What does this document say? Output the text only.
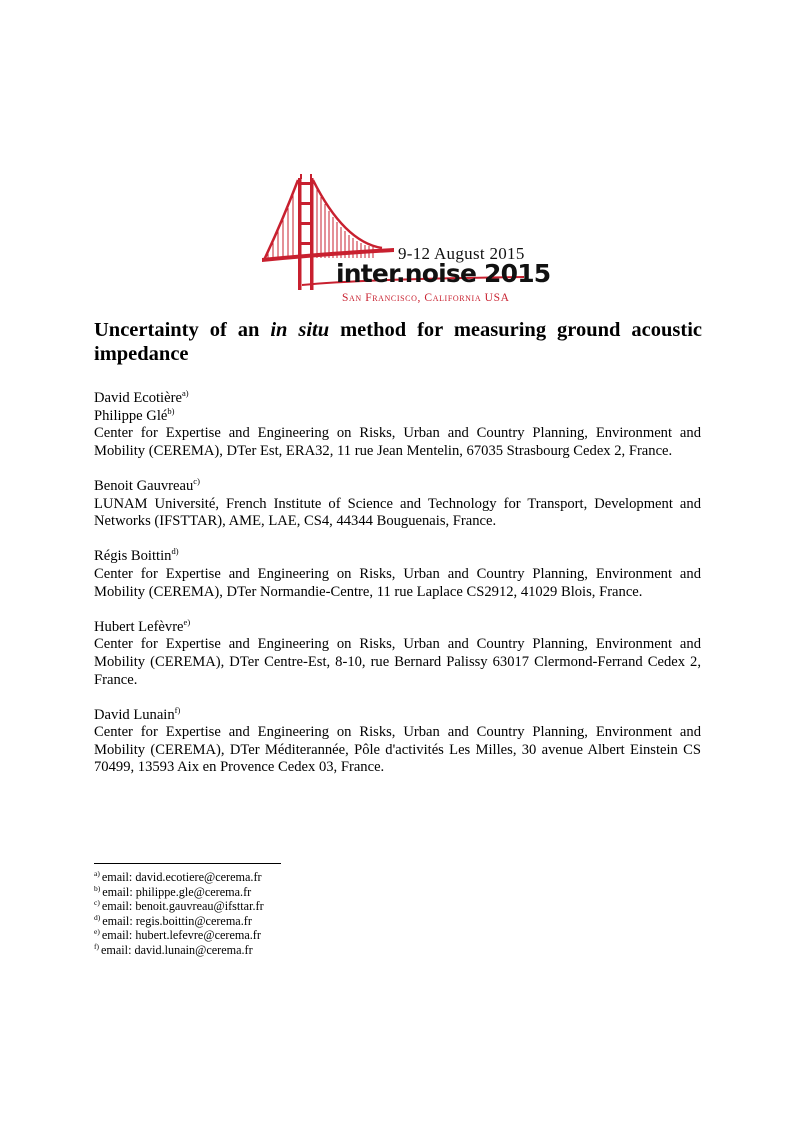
9-12 August 2015
inter.noise 2015
San Francisco, California USA
Uncertainty of an in situ method for measuring ground acoustic impedance
David Ecotière$^{a)}$
Philippe Glé$^{b)}$
Center for Expertise and Engineering on Risks, Urban and Country Planning, Environment and Mobility (CEREMA), DTer Est, ERA32, 11 rue Jean Mentelin, 67035 Strasbourg Cedex 2, France.
Benoit Gauvreau$^{c)}$
LUNAM Université, French Institute of Science and Technology for Transport, Development and Networks (IFSTTAR), AME, LAE, CS4, 44344 Bouguenais, France.
Régis Boittin$^{d)}$
Center for Expertise and Engineering on Risks, Urban and Country Planning, Environment and Mobility (CEREMA), DTer Normandie-Centre, 11 rue Laplace CS2912, 41029 Blois, France.
Hubert Lefèvre$^{e)}$
Center for Expertise and Engineering on Risks, Urban and Country Planning, Environment and Mobility (CEREMA), DTer Centre-Est, 8-10, rue Bernard Palissy 63017 Clermond-Ferrand Cedex 2, France.
David Lunain$^{f)}$
Center for Expertise and Engineering on Risks, Urban and Country Planning, Environment and Mobility (CEREMA), DTer Méditerannée, Pôle d'activités Les Milles, 30 avenue Albert Einstein CS 70499, 13593 Aix en Provence Cedex 03, France.
$^{a)}$ email: david.ecotiere@cerema.fr
$^{b)}$ email: philippe.gle@cerema.fr
$^{c)}$ email: benoit.gauvreau@ifsttar.fr
$^{d)}$ email: regis.boittin@cerema.fr
$^{e)}$ email: hubert.lefevre@cerema.fr
$^{f)}$ email: david.lunain@cerema.fr
